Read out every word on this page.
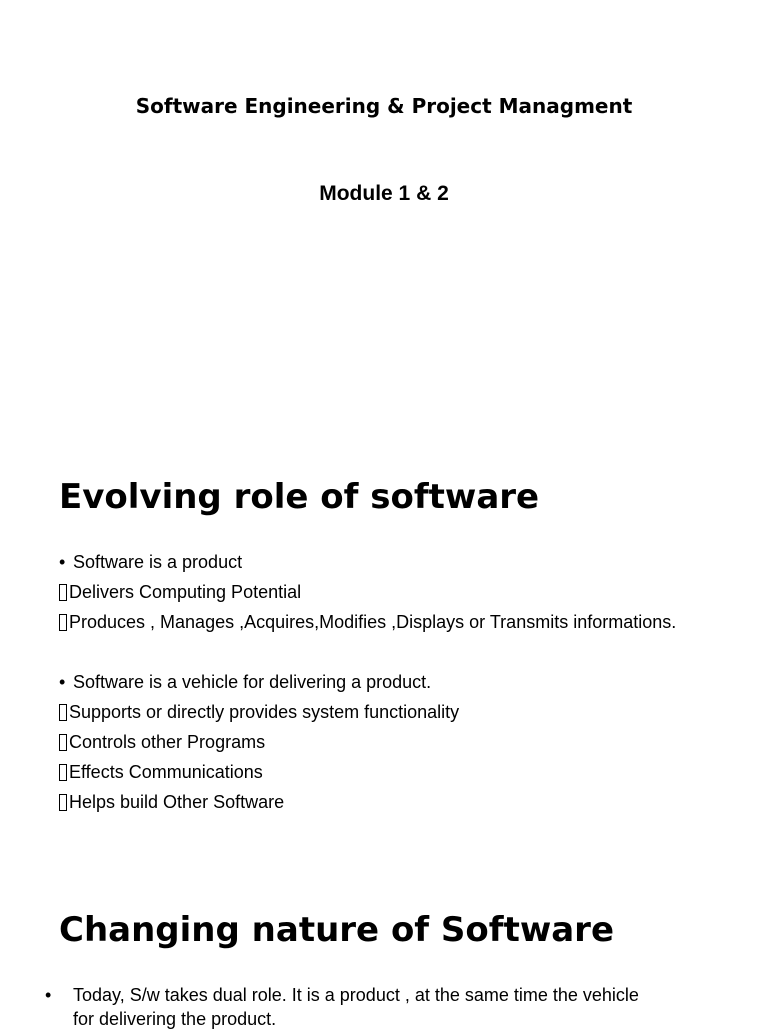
Software Engineering & Project Managment
Module 1 & 2
Evolving role of software
• Software is a product
Delivers Computing Potential
Produces , Manages ,Acquires,Modifies ,Displays or Transmits informations.
• Software is a vehicle for delivering a product.
Supports or directly provides system functionality
Controls other Programs
Effects Communications
Helps build Other Software
Changing nature of Software
• Today, S/w takes dual role. It is a product , at the same time the vehicle for delivering the product.
